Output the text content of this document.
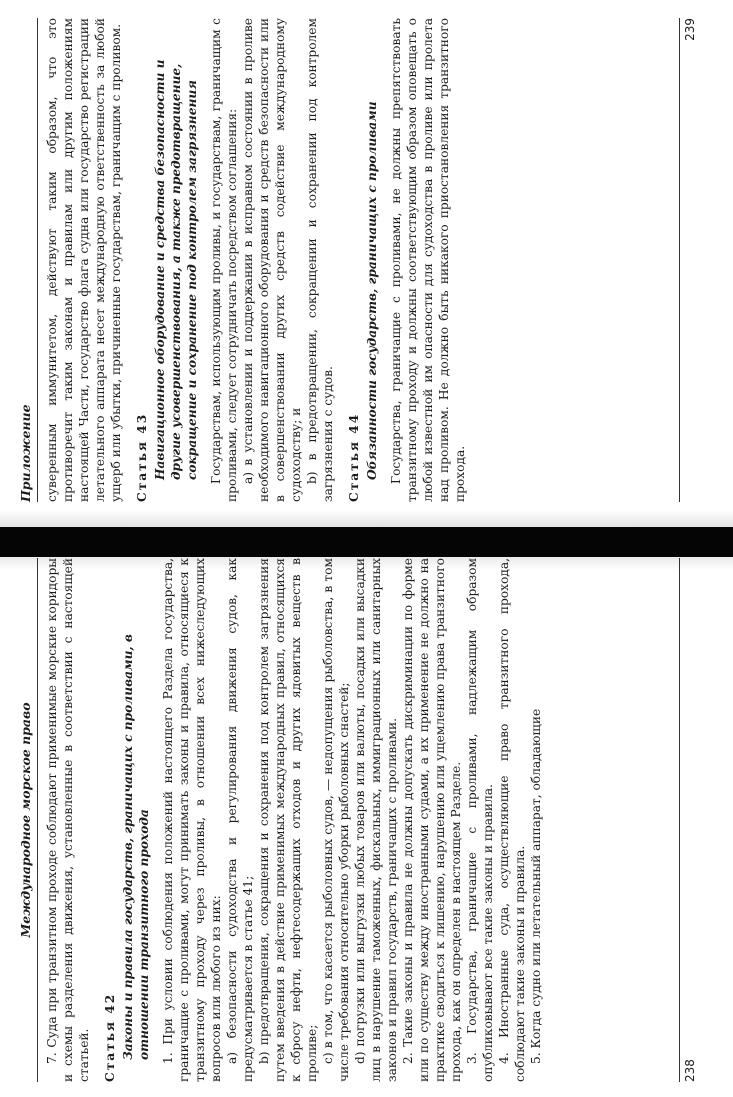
Приложение суверенным иммунитетом, действуют таким образом, что это противоречит таким законам и правилам или другим положениям настоящей Части, государство флага судна или государство регистрации летательного аппарата несет международную ответственность за любой ущерб или убытки, причиненные государствам, граничащим с проливом. Статья 43 Навигационное оборудование и средства безопасности и другие усовершенствования, а также предотвращение, сокращение и сохранение под контролем загрязнения Государствам, использующим проливы, и государствам, граничащим с проливами, следует сотрудничать посредством соглашения: a) в установлении и поддержании в исправном состоянии в проливе необходимого навигационного оборудования и средств безопасности или в совершенствовании других средств содействие международному судоходству; и b) в предотвращении, сокращении и сохранении под контролем загрязнения с судов. Статья 44 Обязанности государств, граничащих с проливами Государства, граничащие с проливами, не должны препятствовать транзитному проходу и должны соответствующим образом оповещать о любой известной им опасности для судоходства в проливе или пролета над проливом. Не должно быть никакого приостановления транзитного прохода.

239
Международное морское право 7. Суда при транзитном проходе соблюдают применимые морские коридоры и схемы разделения движения, установленные в соответствии с настоящей статьей. Статья 42 Законы и правила государств, граничащих с проливами, в отношении транзитного прохода 1. При условии соблюдения положений настоящего Раздела государства, граничащие с проливами, могут принимать законы и правила, относящиеся к транзитному проходу через проливы, в отношении всех нижеследующих вопросов или любого из них: a) безопасности судоходства и регулирования движения судов, как предусматривается в статье 41; b) предотвращения, сокращения и сохранения под контролем загрязнения путем введения в действие применимых международных правил, относящихся к сбросу нефти, нефтесодержащих отходов и других ядовитых веществ в проливе; c) в том, что касается рыболовных судов, — недопущения рыболовства, в том числе требования относительно уборки рыболовных снастей; d) погрузки или выгрузки любых товаров или валюты, посадки или высадки лиц в нарушение таможенных, фискальных, иммиграционных или санитарных законов и правил государств, граничащих с проливами. 2. Такие законы и правила не должны допускать дискриминации по форме или по существу между иностранными судами, а их применение не должно на практике сводиться к лишению, нарушению или ущемлению права транзитного прохода, как он определен в настоящем Разделе. 3. Государства, граничащие с проливами, надлежащим образом опубликовывают все такие законы и правила. 4. Иностранные суда, осуществляющие право транзитного прохода, соблюдают такие законы и правила. 5. Когда судно или летательный аппарат, обладающие

238
